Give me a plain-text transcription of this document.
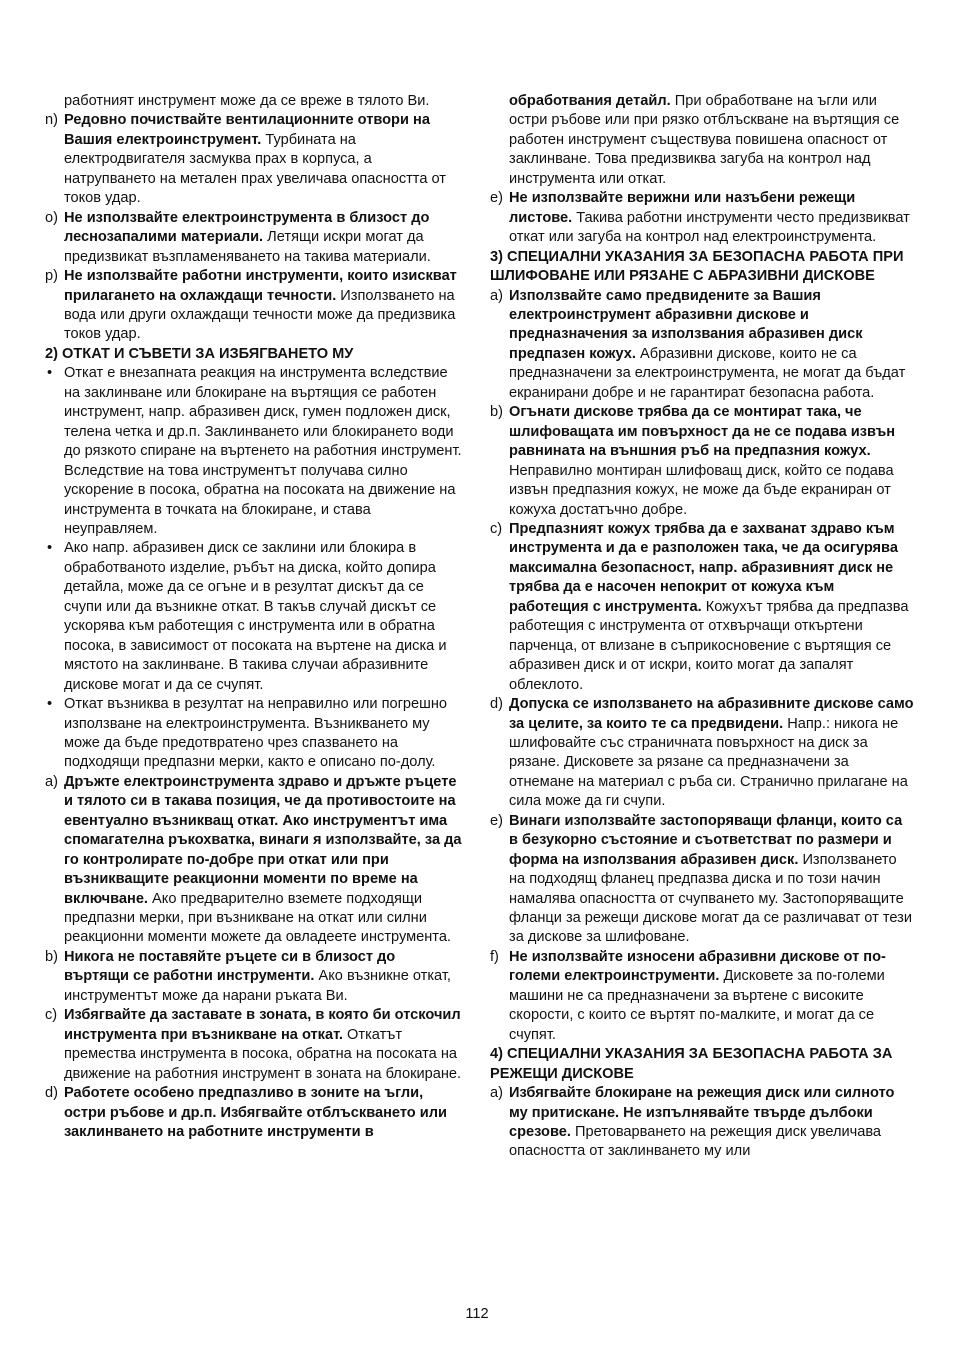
работният инструмент може да се вреже в тялото Ви.

n) Редовно почиствайте вентилационните отвори на Вашия електроинструмент. Турбината на електродвигателя засмуква прах в корпуса, а натрупването на метален прах увеличава опасността от токов удар.

o) Не използвайте електроинструмента в близост до леснозапалими материали. Летящи искри могат да предизвикат възпламеняването на такива материали.

p) Не използвайте работни инструменти, които изискват прилагането на охлаждащи течности. Използването на вода или други охлаждащи течности може да предизвика токов удар.

2) ОТКАТ И СЪВЕТИ ЗА ИЗБЯГВАНЕТО МУ

• Откат е внезапната реакция на инструмента вследствие на заклинване или блокиране на въртящия се работен инструмент, напр. абразивен диск, гумен подложен диск, телена четка и др.п. Заклинването или блокирането води до рязкото спиране на въртенето на работния инструмент. Вследствие на това инструментът получава силно ускорение в посока, обратна на посоката на движение на инструмента в точката на блокиране, и става неуправляем.

• Ако напр. абразивен диск се заклини или блокира в обработваното изделие, ръбът на диска, който допира детайла, може да се огъне и в резултат дискът да се счупи или да възникне откат. В такъв случай дискът се ускорява към работещия с инструмента или в обратна посока, в зависимост от посоката на въртене на диска и мястото на заклинване. В такива случаи абразивните дискове могат и да се счупят.

• Откат възниква в резултат на неправилно или погрешно използване на електроинструмента. Възникването му може да бъде предотвратено чрез спазването на подходящи предпазни мерки, както е описано по-долу.

a) Дръжте електроинструмента здраво и дръжте ръцете и тялото си в такава позиция, че да противостоите на евентуално възникващ откат. Ако инструментът има спомагателна ръкохватка, винаги я използвайте, за да го контролирате по-добре при откат или при възникващите реакционни моменти по време на включване. Ако предварително вземете подходящи предпазни мерки, при възникване на откат или силни реакционни моменти можете да овладеете инструмента.

b) Никога не поставяйте ръцете си в близост до въртящи се работни инструменти. Ако възникне откат, инструментът може да нарани ръката Ви.

c) Избягвайте да заставате в зоната, в която би отскочил инструмента при възникване на откат. Откатът премества инструмента в посока, обратна на посоката на движение на работния инструмент в зоната на блокиране.

d) Работете особено предпазливо в зоните на ъгли, остри ръбове и др.п. Избягвайте отблъскването или заклинването на работните инструменти в

обработвания детайл. При обработване на ъгли или остри ръбове или при рязко отблъскване на въртящия се работен инструмент съществува повишена опасност от заклинване. Това предизвиква загуба на контрол над инструмента или откат.

e) Не използвайте верижни или назъбени режещи листове. Такива работни инструменти често предизвикват откат или загуба на контрол над електроинструмента.

3) СПЕЦИАЛНИ УКАЗАНИЯ ЗА БЕЗОПАСНА РАБОТА ПРИ ШЛИФОВАНЕ ИЛИ РЯЗАНЕ С АБРАЗИВНИ ДИСКОВЕ

a) Използвайте само предвидените за Вашия електроинструмент абразивни дискове и предназначения за използвания абразивен диск предпазен кожух. Абразивни дискове, които не са предназначени за електроинструмента, не могат да бъдат екранирани добре и не гарантират безопасна работа.

b) Огънати дискове трябва да се монтират така, че шлифоващата им повърхност да не се подава извън равнината на външния ръб на предпазния кожух. Неправилно монтиран шлифоващ диск, който се подава извън предпазния кожух, не може да бъде екраниран от кожуха достатъчно добре.

c) Предпазният кожух трябва да е захванат здраво към инструмента и да е разположен така, че да осигурява максимална безопасност, напр. абразивният диск не трябва да е насочен непокрит от кожуха към работещия с инструмента. Кожухът трябва да предпазва работещия с инструмента от отхвърчащи откъртени парченца, от влизане в съприкосновение с въртящия се абразивен диск и от искри, които могат да запалят облеклото.

d) Допуска се използването на абразивните дискове само за целите, за които те са предвидени. Напр.: никога не шлифовайте със страничната повърхност на диск за рязане. Дисковете за рязане са предназначени за отнемане на материал с ръба си. Странично прилагане на сила може да ги счупи.

e) Винаги използвайте застопоряващи фланци, които са в безукорно състояние и съответстват по размери и форма на използвания абразивен диск. Използването на подходящ фланец предпазва диска и по този начин намалява опасността от счупването му. Застопоряващите фланци за режещи дискове могат да се различават от тези за дискове за шлифоване.

f) Не използвайте износени абразивни дискове от по-големи електроинструменти. Дисковете за по-големи машини не са предназначени за въртене с високите скорости, с които се въртят по-малките, и могат да се счупят.

4) СПЕЦИАЛНИ УКАЗАНИЯ ЗА БЕЗОПАСНА РАБОТА ЗА РЕЖЕЩИ ДИСКОВЕ

a) Избягвайте блокиране на режещия диск или силното му притискане. Не изпълнявайте твърде дълбоки срезове. Претоварването на режещия диск увеличава опасността от заклинването му или

112
